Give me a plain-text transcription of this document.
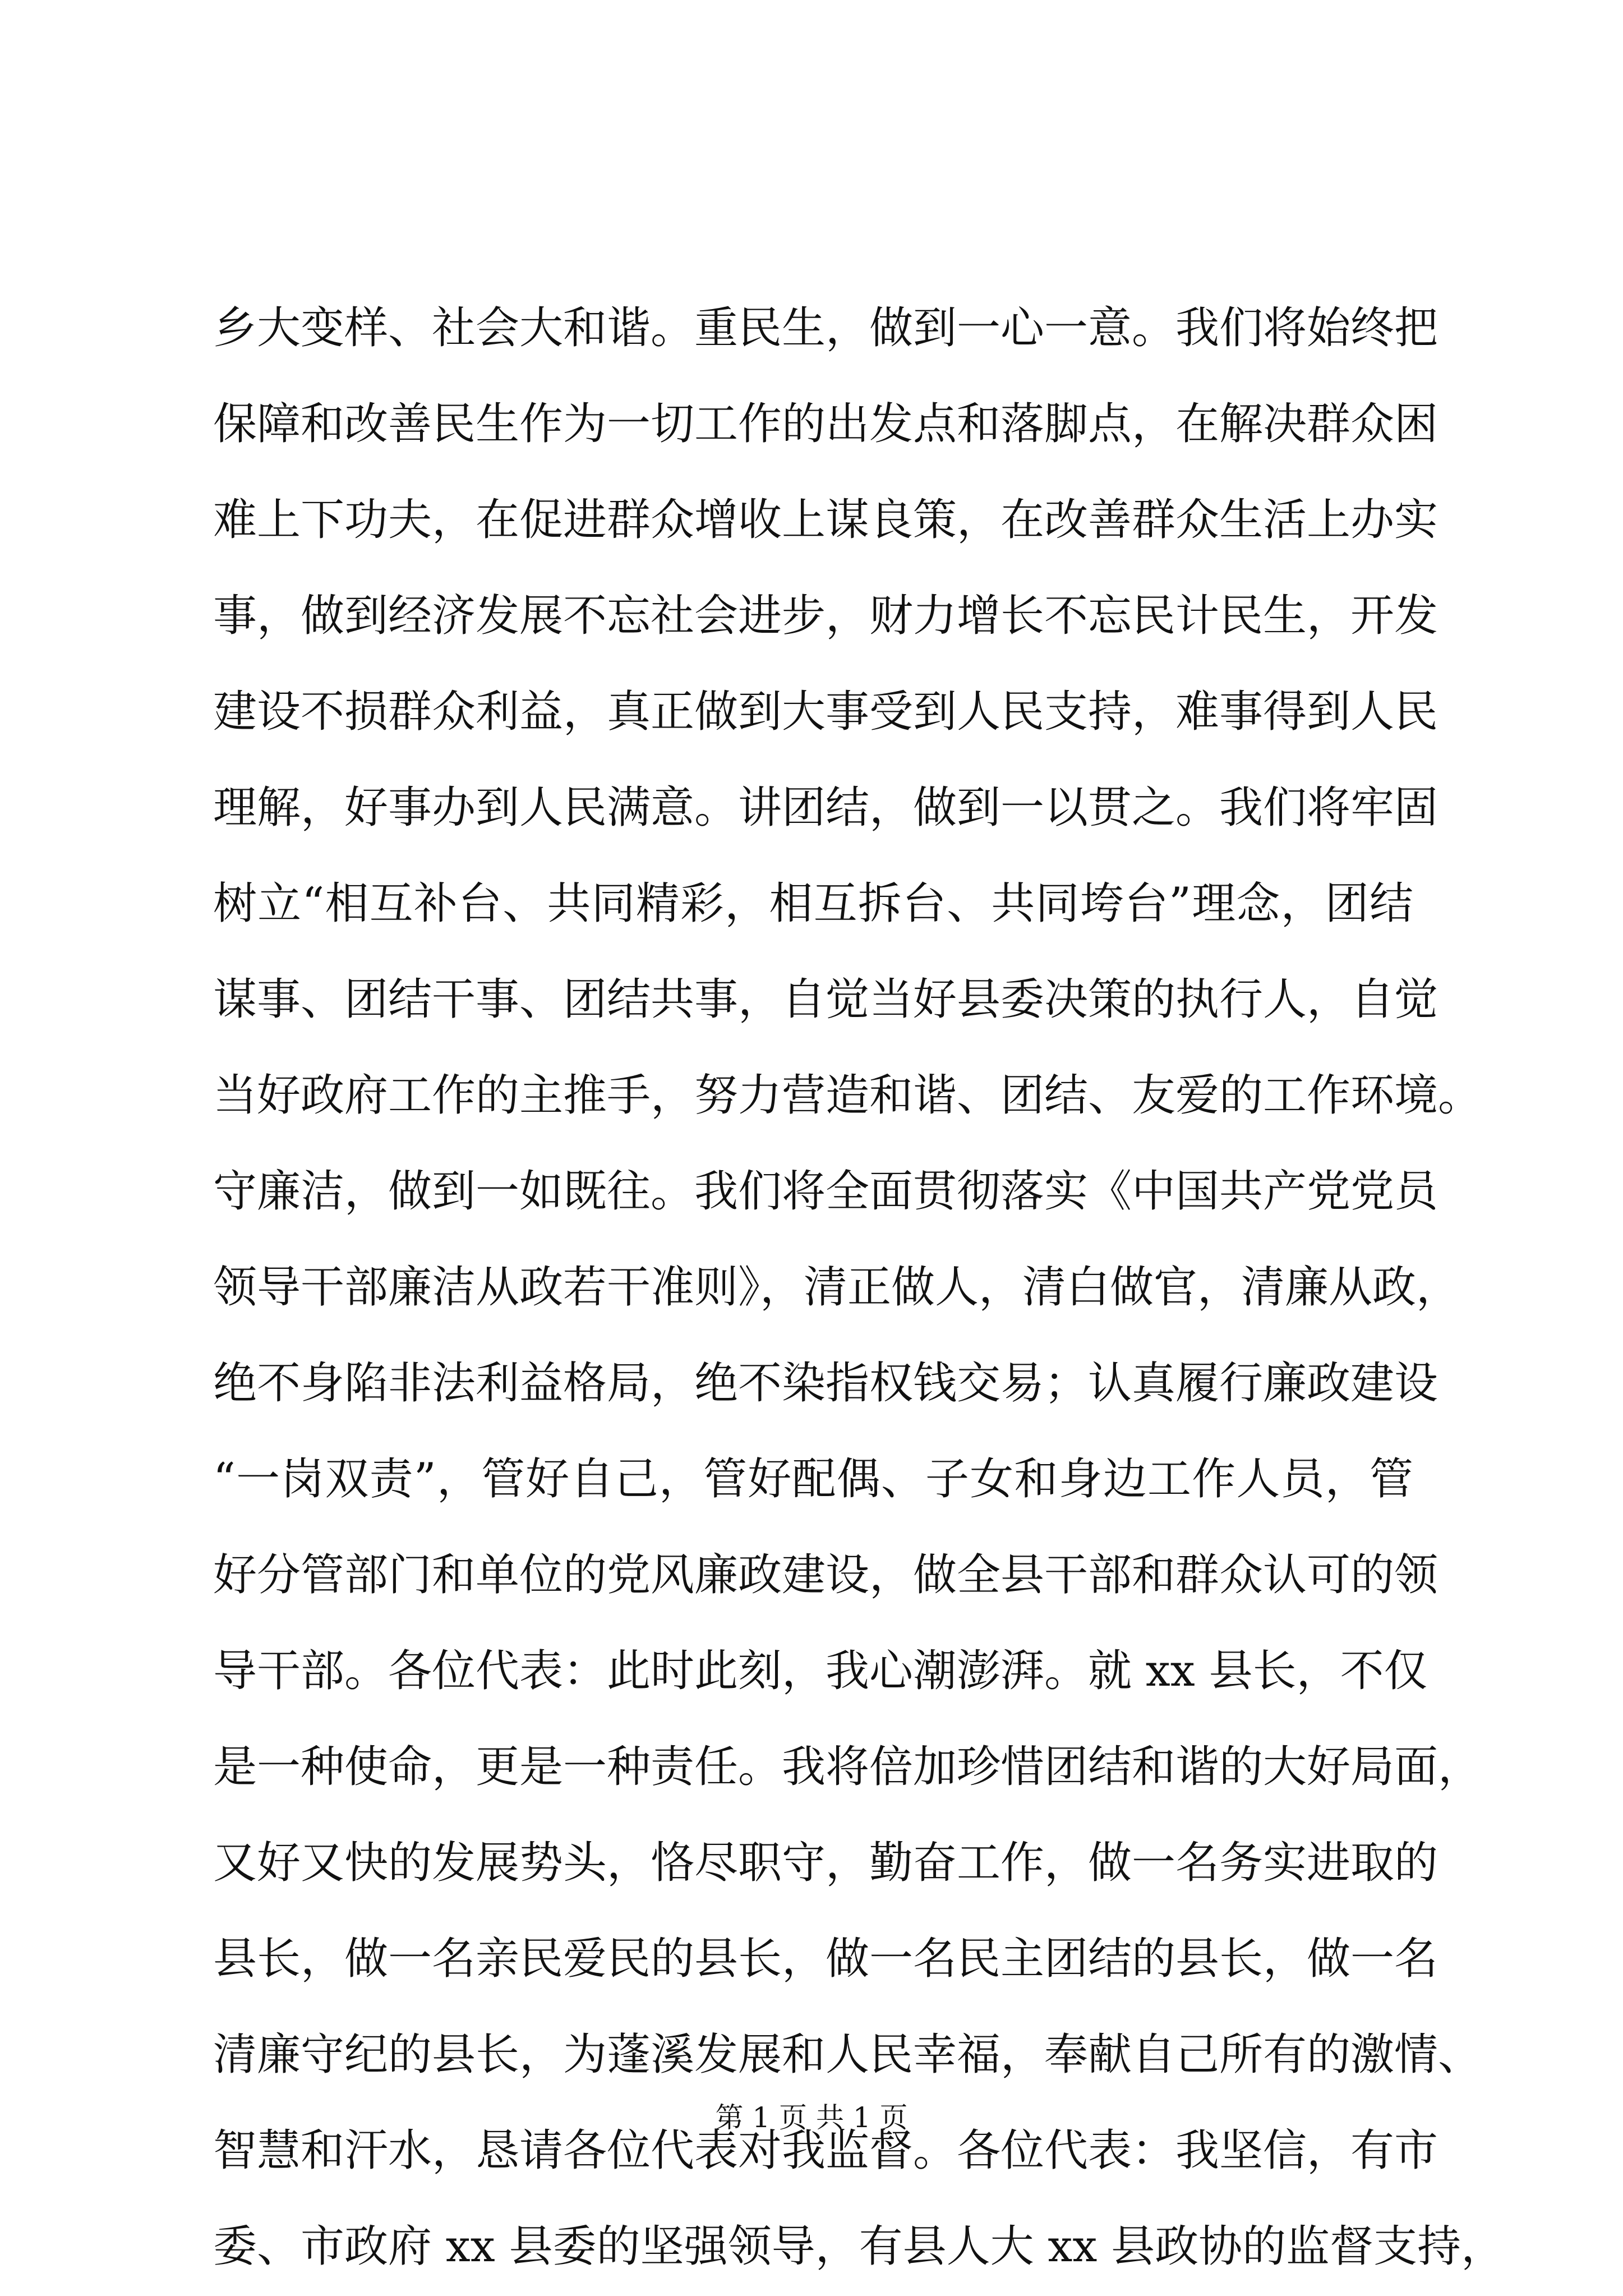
乡大变样、社会大和谐。重民生，做到一心一意。我们将始终把
保障和改善民生作为一切工作的出发点和落脚点，在解决群众困
难上下功夫，在促进群众增收上谋良策，在改善群众生活上办实
事，做到经济发展不忘社会进步，财力增长不忘民计民生，开发
建设不损群众利益，真正做到大事受到人民支持，难事得到人民
理解，好事办到人民满意。讲团结，做到一以贯之。我们将牢固
树立“相互补台、共同精彩，相互拆台、共同垮台”理念，团结
谋事、团结干事、团结共事，自觉当好县委决策的执行人，自觉
当好政府工作的主推手，努力营造和谐、团结、友爱的工作环境。
守廉洁，做到一如既往。我们将全面贯彻落实《中国共产党党员
领导干部廉洁从政若干准则》，清正做人，清白做官，清廉从政，
绝不身陷非法利益格局，绝不染指权钱交易；认真履行廉政建设
“一岗双责”，管好自己，管好配偶、子女和身边工作人员，管
好分管部门和单位的党风廉政建设，做全县干部和群众认可的领
导干部。各位代表：此时此刻，我心潮澎湃。就 xx 县长，不仅
是一种使命，更是一种责任。我将倍加珍惜团结和谐的大好局面，
又好又快的发展势头，恪尽职守，勤奋工作，做一名务实进取的
县长，做一名亲民爱民的县长，做一名民主团结的县长，做一名
清廉守纪的县长，为蓬溪发展和人民幸福，奉献自己所有的激情、
智慧和汗水，恳请各位代表对我监督。各位代表：我坚信，有市
委、市政府 xx 县委的坚强领导，有县人大 xx 县政协的监督支持，
第 1 页 共 1 页
